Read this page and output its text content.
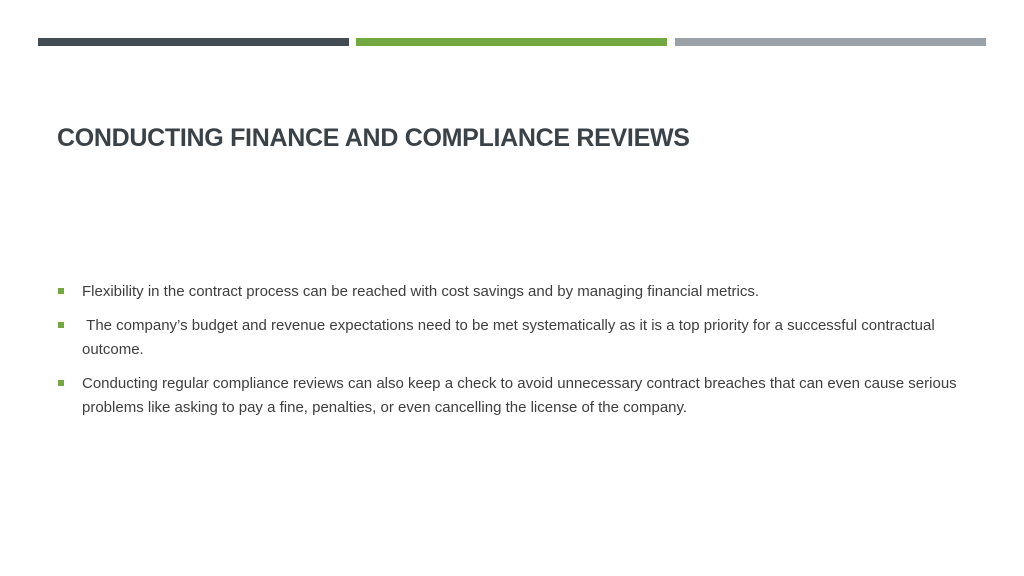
CONDUCTING FINANCE AND COMPLIANCE REVIEWS
Flexibility in the contract process can be reached with cost savings and by managing financial metrics.
The company’s budget and revenue expectations need to be met systematically as it is a top priority for a successful contractual outcome.
Conducting regular compliance reviews can also keep a check to avoid unnecessary contract breaches that can even cause serious problems like asking to pay a fine, penalties, or even cancelling the license of the company.
